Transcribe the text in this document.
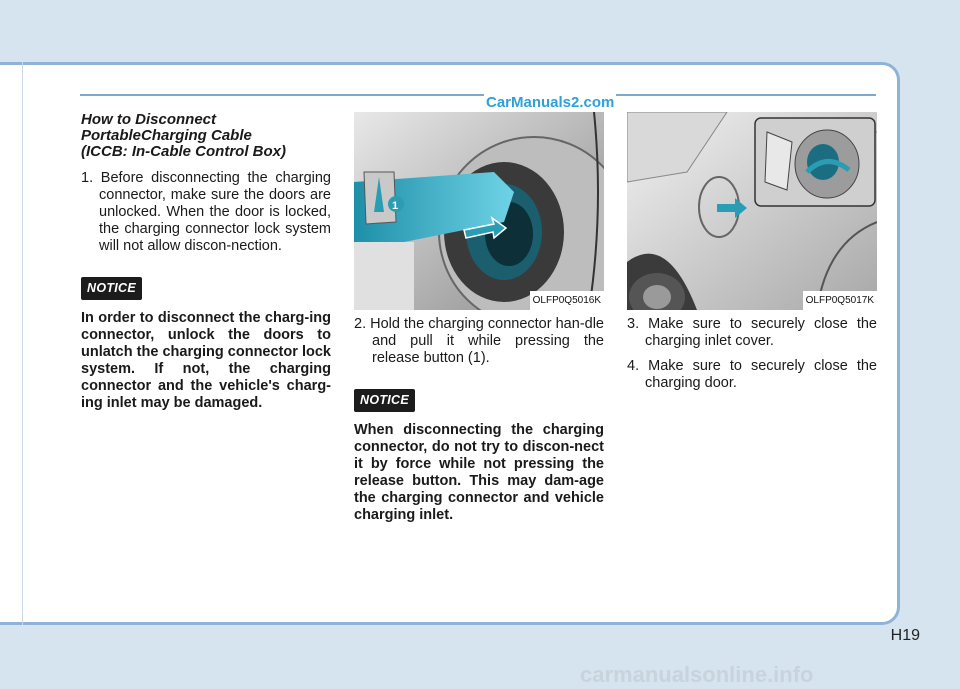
CarManuals2.com
How to Disconnect
PortableCharging Cable
(ICCB: In-Cable Control Box)
1. Before disconnecting the charging connector, make sure the doors are unlocked. When the door is locked, the charging connector lock system will not allow discon-nection.
NOTICE
In order to disconnect the charg-ing connector, unlock the doors to unlatch the charging connector lock system. If not, the charging connector and the vehicle's charg-ing inlet may be damaged.
1
OLFP0Q5016K
2. Hold the charging connector han-dle and pull it while pressing the release button (1).
NOTICE
When disconnecting the charging connector, do not try to discon-nect it by force while not pressing the release button. This may dam-age the charging connector and vehicle charging inlet.
OLFP0Q5017K
3. Make sure to securely close the charging inlet cover.
4. Make sure to securely close the charging door.
H19
carmanualsonline.info
